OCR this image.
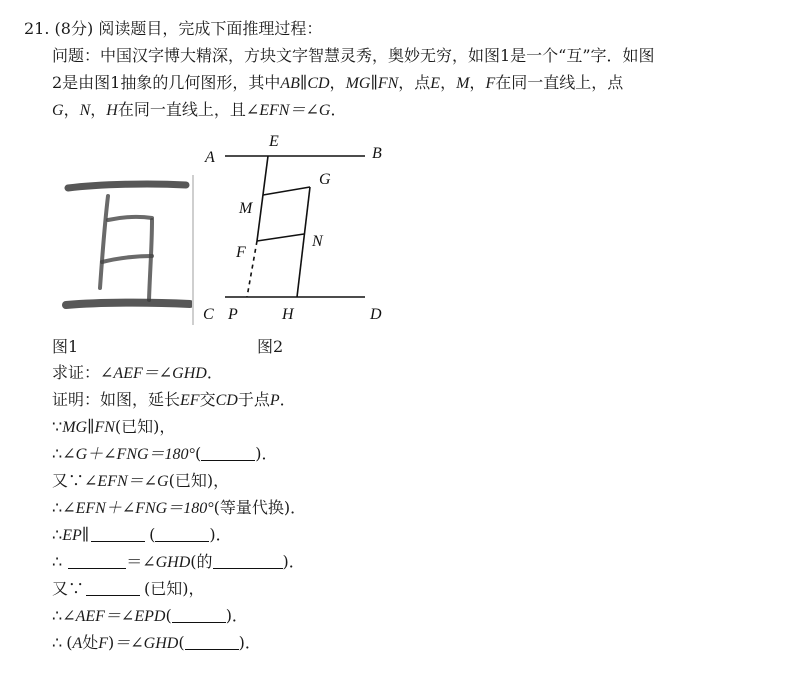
21. (8分) 阅读题目，完成下面推理过程：
问题：中国汉字博大精深，方块文字智慧灵秀，奥妙无穷，如图1是一个“互”字．如图
2是由图1抽象的几何图形，其中AB∥CD，MG∥FN，点E，M，F在同一直线上，点
G，N，H在同一直线上，且∠EFN＝∠G．
A	B
E
G
M
N
F
C P	H	D
图1	图2
求证：∠AEF＝∠GHD．
证明：如图，延长EF交CD于点P．
∵MG∥FN(已知)，
∴∠G＋∠FNG＝180°(	)．
又∵∠EFN＝∠G(已知)，
∴∠EFN＋∠FNG＝180°(等量代换)．
∴EP∥	(	)．
∴	＝∠GHD(的	)．
又∵	(已知)，
∴∠AEF＝∠EPD(	)．
∴ (A处F)＝∠GHD(	)．
